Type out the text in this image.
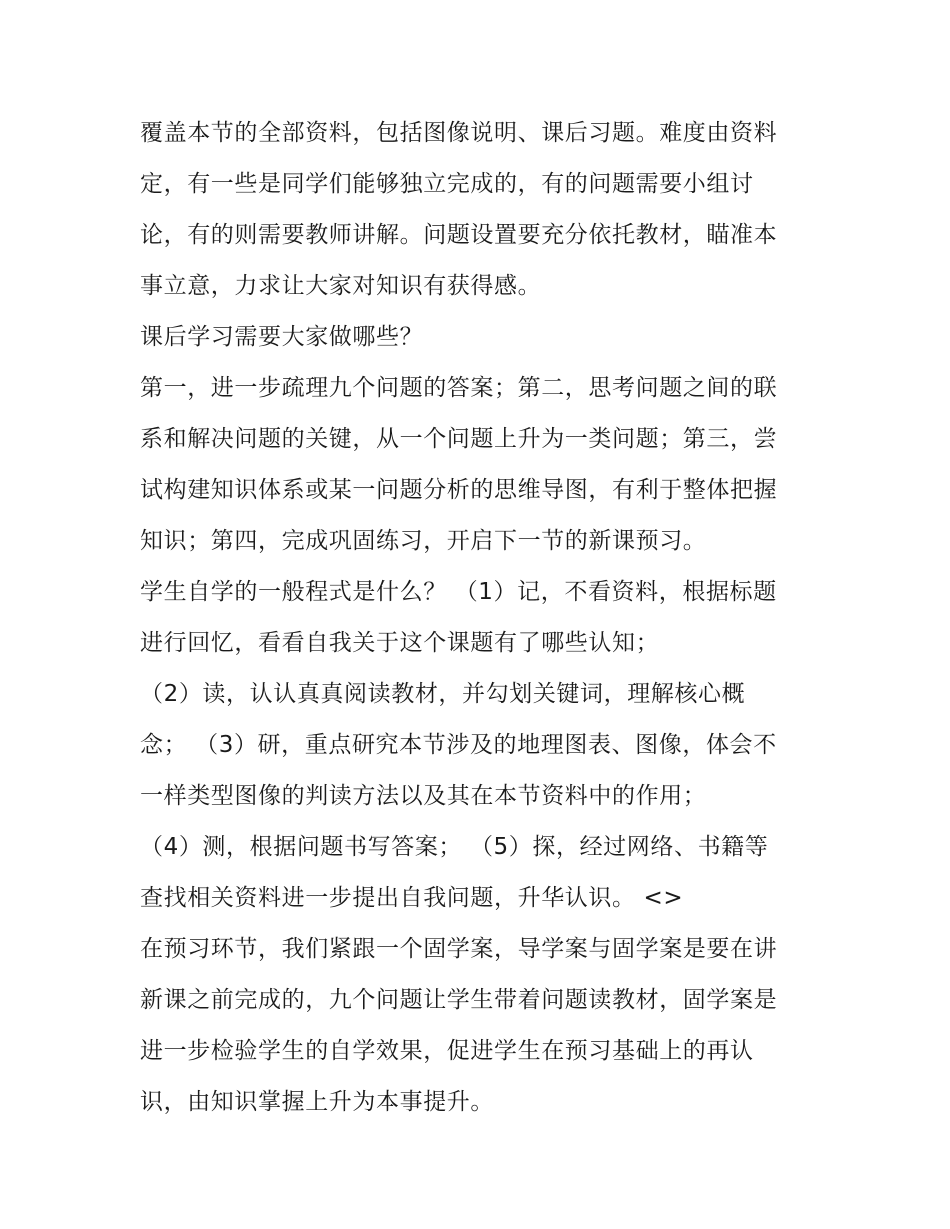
覆盖本节的全部资料，包括图像说明、课后习题。难度由资料
定，有一些是同学们能够独立完成的，有的问题需要小组讨
论，有的则需要教师讲解。问题设置要充分依托教材，瞄准本
事立意，力求让大家对知识有获得感。
课后学习需要大家做哪些？
第一，进一步疏理九个问题的答案；第二，思考问题之间的联
系和解决问题的关键，从一个问题上升为一类问题；第三，尝
试构建知识体系或某一问题分析的思维导图，有利于整体把握
知识；第四，完成巩固练习，开启下一节的新课预习。
学生自学的一般程式是什么？ （1）记，不看资料，根据标题
进行回忆，看看自我关于这个课题有了哪些认知；
（2）读，认认真真阅读教材，并勾划关键词，理解核心概
念； （3）研，重点研究本节涉及的地理图表、图像，体会不
一样类型图像的判读方法以及其在本节资料中的作用；
（4）测，根据问题书写答案； （5）探，经过网络、书籍等
查找相关资料进一步提出自我问题，升华认识。 <>
在预习环节，我们紧跟一个固学案，导学案与固学案是要在讲
新课之前完成的，九个问题让学生带着问题读教材，固学案是
进一步检验学生的自学效果，促进学生在预习基础上的再认
识，由知识掌握上升为本事提升。
